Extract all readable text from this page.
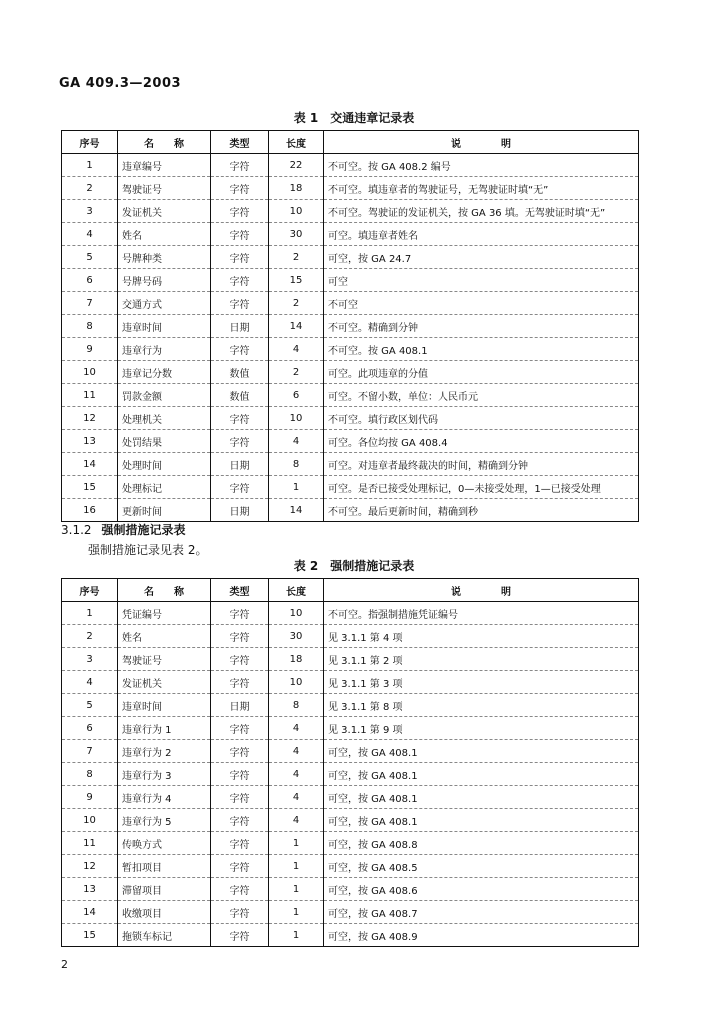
GA 409.3—2003
表 1 交通违章记录表
序号	名　　称	类型	长度	说　　　　明
1	违章编号	字符	22	不可空。按 GA 408.2 编号
2	驾驶证号	字符	18	不可空。填违章者的驾驶证号，无驾驶证时填“无”
3	发证机关	字符	10	不可空。驾驶证的发证机关，按 GA 36 填。无驾驶证时填“无”
4	姓名	字符	30	可空。填违章者姓名
5	号牌种类	字符	2	可空，按 GA 24.7
6	号牌号码	字符	15	可空
7	交通方式	字符	2	不可空
8	违章时间	日期	14	不可空。精确到分钟
9	违章行为	字符	4	不可空。按 GA 408.1
10	违章记分数	数值	2	可空。此项违章的分值
11	罚款金额	数值	6	可空。不留小数，单位：人民币元
12	处理机关	字符	10	不可空。填行政区划代码
13	处罚结果	字符	4	可空。各位均按 GA 408.4
14	处理时间	日期	8	可空。对违章者最终裁决的时间，精确到分钟
15	处理标记	字符	1	可空。是否已接受处理标记，0—未接受处理，1—已接受处理
16	更新时间	日期	14	不可空。最后更新时间，精确到秒
3.1.2 强制措施记录表
强制措施记录见表 2。
表 2 强制措施记录表
序号	名　　称	类型	长度	说　　　　明
1	凭证编号	字符	10	不可空。指强制措施凭证编号
2	姓名	字符	30	见 3.1.1 第 4 项
3	驾驶证号	字符	18	见 3.1.1 第 2 项
4	发证机关	字符	10	见 3.1.1 第 3 项
5	违章时间	日期	8	见 3.1.1 第 8 项
6	违章行为 1	字符	4	见 3.1.1 第 9 项
7	违章行为 2	字符	4	可空，按 GA 408.1
8	违章行为 3	字符	4	可空，按 GA 408.1
9	违章行为 4	字符	4	可空，按 GA 408.1
10	违章行为 5	字符	4	可空，按 GA 408.1
11	传唤方式	字符	1	可空，按 GA 408.8
12	暂扣项目	字符	1	可空，按 GA 408.5
13	滞留项目	字符	1	可空，按 GA 408.6
14	收缴项目	字符	1	可空，按 GA 408.7
15	拖锁车标记	字符	1	可空，按 GA 408.9
2
